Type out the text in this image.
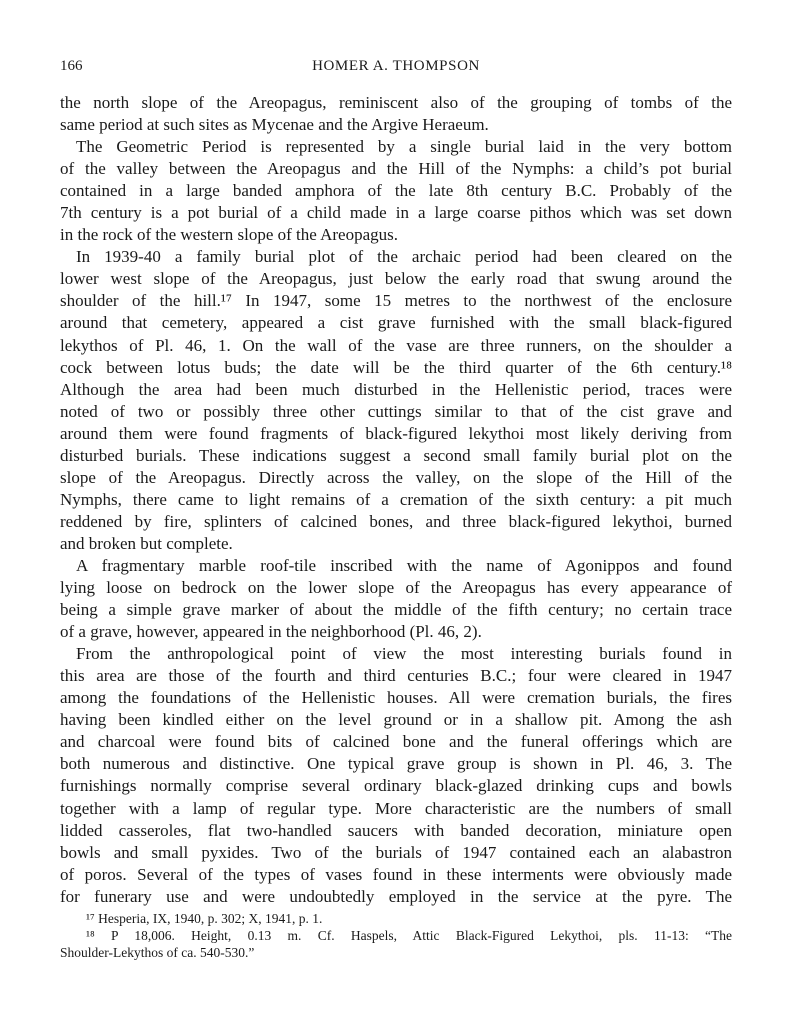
166	HOMER A. THOMPSON
the north slope of the Areopagus, reminiscent also of the grouping of tombs of the
same period at such sites as Mycenae and the Argive Heraeum.
The Geometric Period is represented by a single burial laid in the very bottom
of the valley between the Areopagus and the Hill of the Nymphs: a child’s pot burial
contained in a large banded amphora of the late 8th century B.C. Probably of the
7th century is a pot burial of a child made in a large coarse pithos which was set down
in the rock of the western slope of the Areopagus.
In 1939-40 a family burial plot of the archaic period had been cleared on the
lower west slope of the Areopagus, just below the early road that swung around the
shoulder of the hill.¹⁷ In 1947, some 15 metres to the northwest of the enclosure
around that cemetery, appeared a cist grave furnished with the small black-figured
lekythos of Pl. 46, 1. On the wall of the vase are three runners, on the shoulder a
cock between lotus buds; the date will be the third quarter of the 6th century.¹⁸
Although the area had been much disturbed in the Hellenistic period, traces were
noted of two or possibly three other cuttings similar to that of the cist grave and
around them were found fragments of black-figured lekythoi most likely deriving from
disturbed burials. These indications suggest a second small family burial plot on the
slope of the Areopagus. Directly across the valley, on the slope of the Hill of the
Nymphs, there came to light remains of a cremation of the sixth century: a pit much
reddened by fire, splinters of calcined bones, and three black-figured lekythoi, burned
and broken but complete.
A fragmentary marble roof-tile inscribed with the name of Agonippos and found
lying loose on bedrock on the lower slope of the Areopagus has every appearance of
being a simple grave marker of about the middle of the fifth century; no certain trace
of a grave, however, appeared in the neighborhood (Pl. 46, 2).
From the anthropological point of view the most interesting burials found in
this area are those of the fourth and third centuries B.C.; four were cleared in 1947
among the foundations of the Hellenistic houses. All were cremation burials, the fires
having been kindled either on the level ground or in a shallow pit. Among the ash
and charcoal were found bits of calcined bone and the funeral offerings which are
both numerous and distinctive. One typical grave group is shown in Pl. 46, 3. The
furnishings normally comprise several ordinary black-glazed drinking cups and bowls
together with a lamp of regular type. More characteristic are the numbers of small
lidded casseroles, flat two-handled saucers with banded decoration, miniature open
bowls and small pyxides. Two of the burials of 1947 contained each an alabastron
of poros. Several of the types of vases found in these interments were obviously made
for funerary use and were undoubtedly employed in the service at the pyre. The
¹⁷ Hesperia, IX, 1940, p. 302; X, 1941, p. 1.
¹⁸ P 18,006. Height, 0.13 m. Cf. Haspels, Attic Black-Figured Lekythoi, pls. 11-13: “The
Shoulder-Lekythos of ca. 540-530.”
